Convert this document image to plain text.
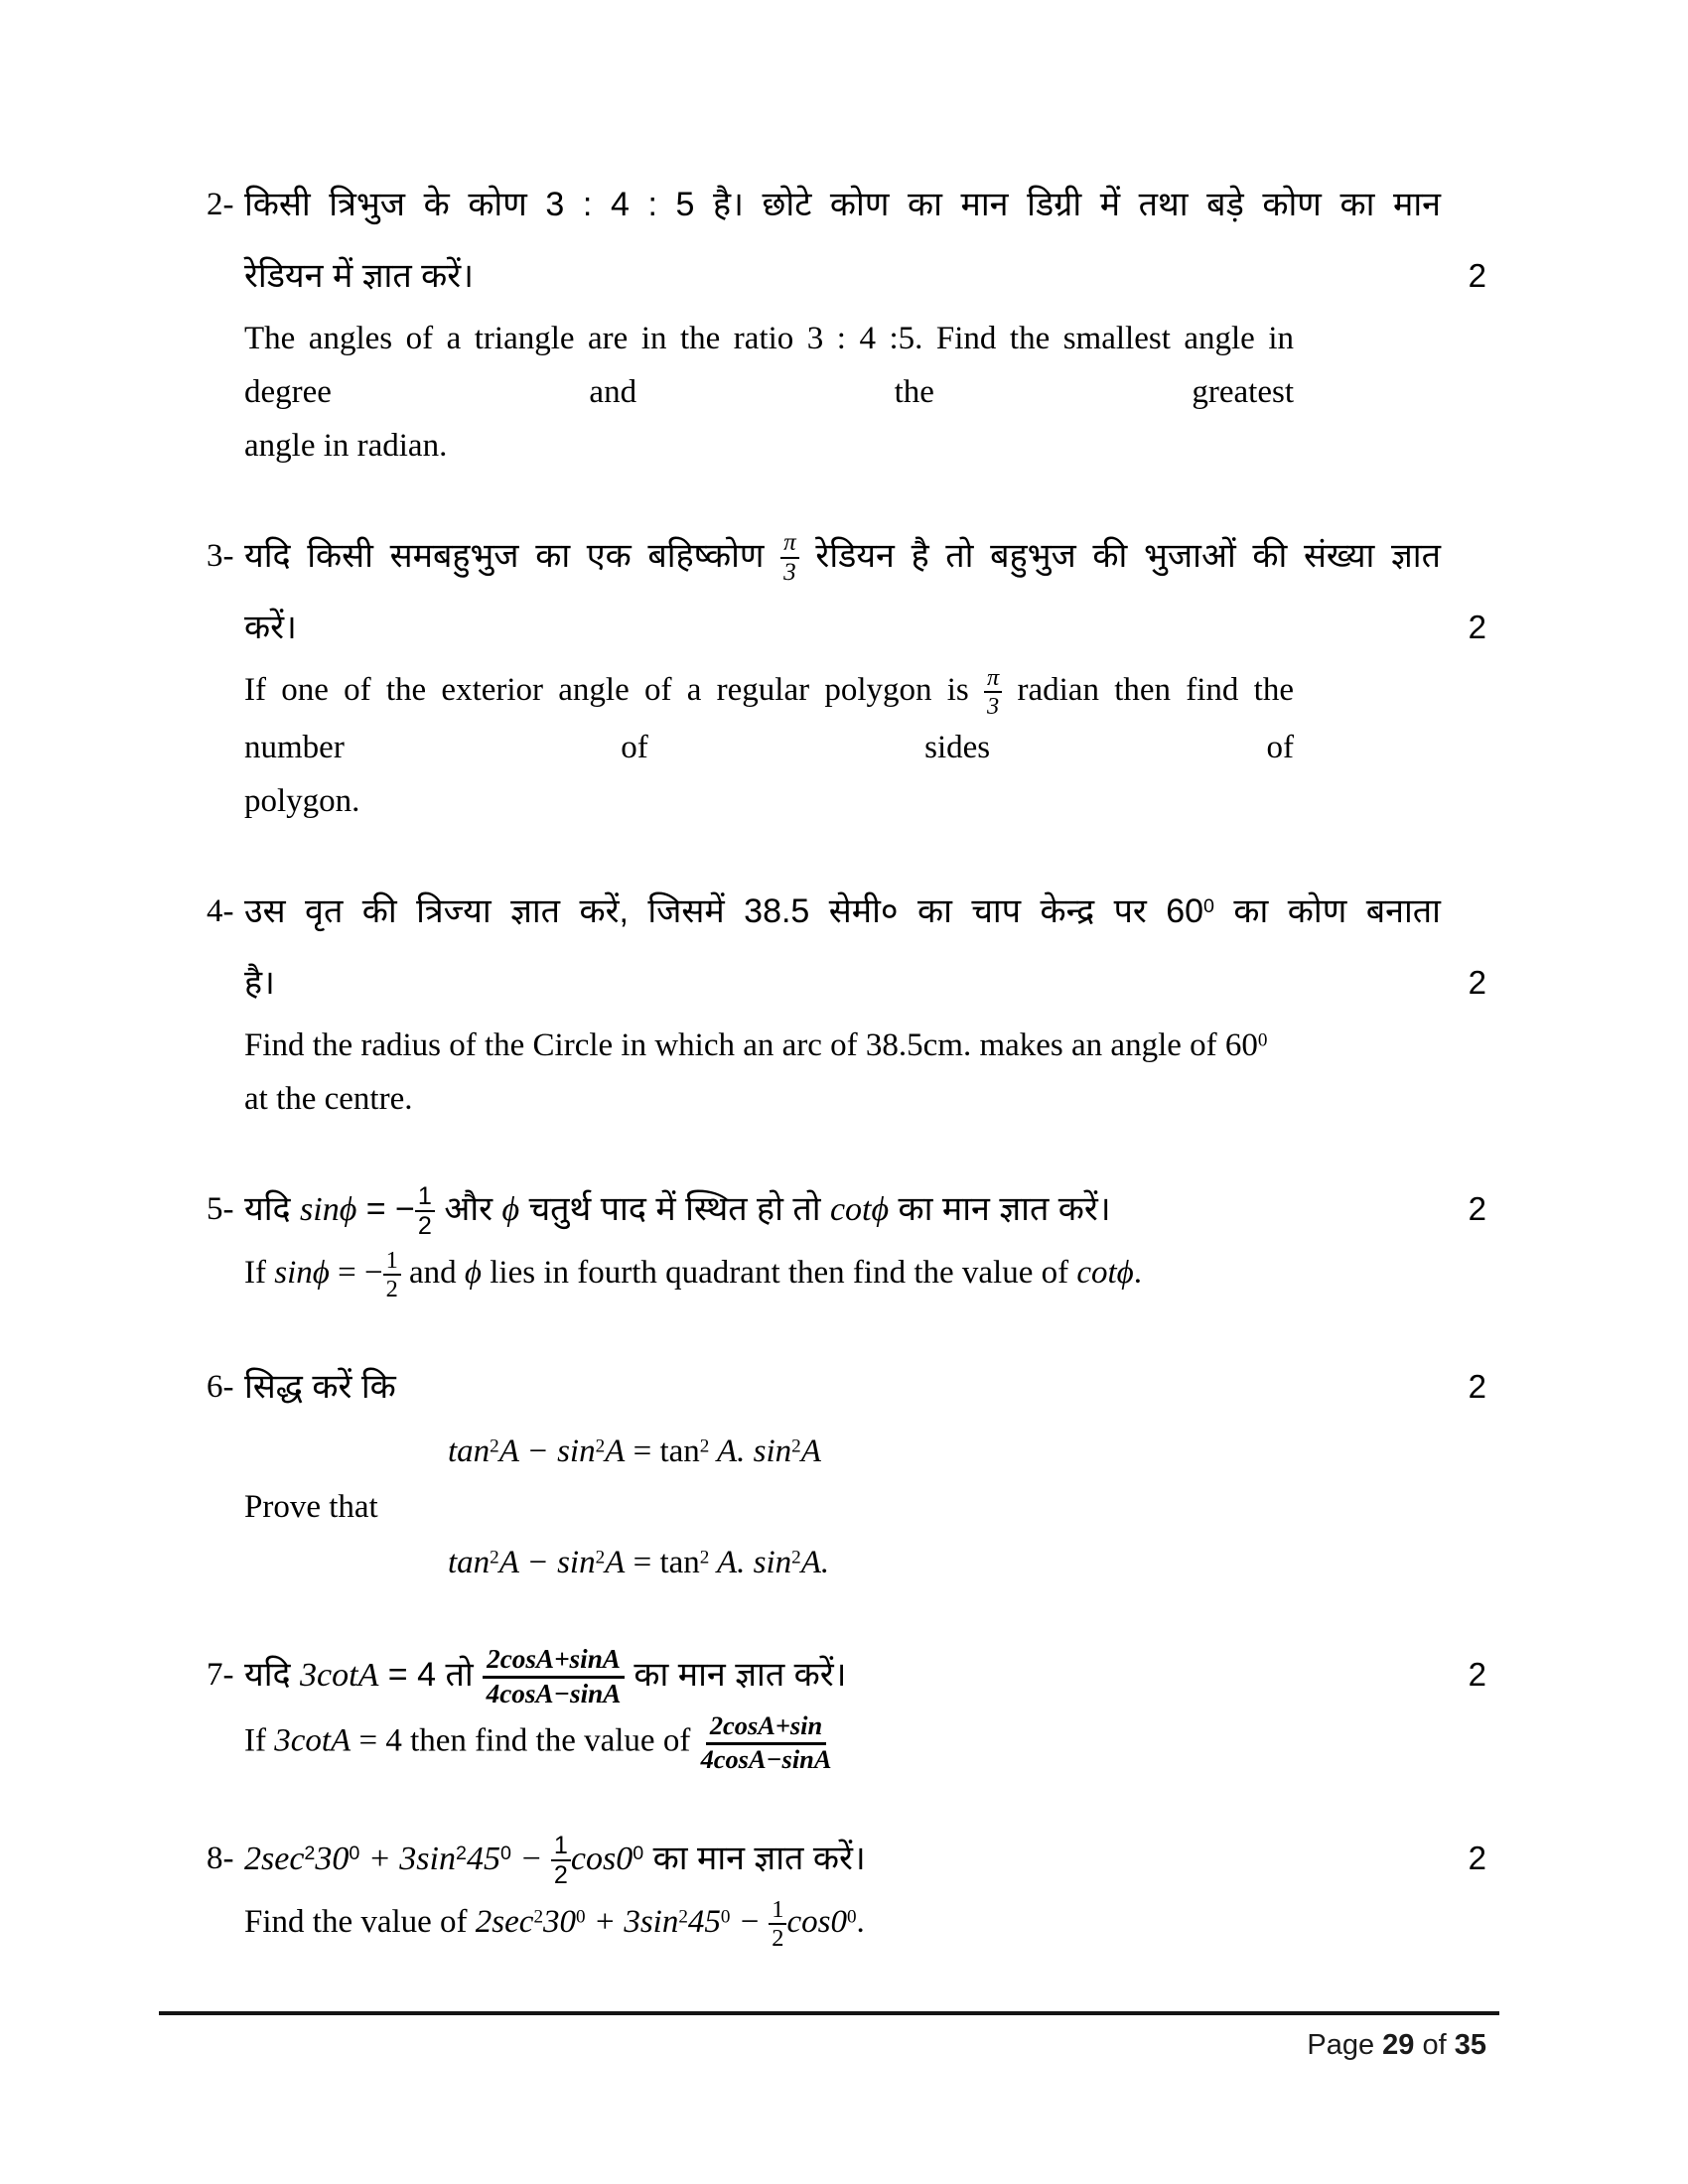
2- किसी त्रिभुज के कोण 3 : 4 : 5 है। छोटे कोण का मान डिग्री में तथा बड़े कोण का मान
रेडियन में ज्ञात करें।	2
The angles of a triangle are in the ratio 3 : 4 :5. Find the smallest angle in degree and the greatest
angle in radian.
3- यदि किसी समबहुभुज का एक बहिष्कोण $\frac{\pi}{3}$ रेडियन है तो बहुभुज की भुजाओं की संख्या ज्ञात
करें।	2
If one of the exterior angle of a regular polygon is $\frac{\pi}{3}$ radian then find the number of sides of
polygon.
4- उस वृत की त्रिज्या ज्ञात करें, जिसमें 38.5 सेमी० का चाप केन्द्र पर $60^0$ का कोण बनाता
है।	2
Find the radius of the Circle in which an arc of 38.5cm. makes an angle of $60^0$ at the centre.
5- यदि sinϕ = − $\frac{1}{2}$ और ϕ चतुर्थ पाद में स्थित हो तो cotϕ का मान ज्ञात करें।	2
If sinϕ = − $\frac{1}{2}$ and ϕ lies in fourth quadrant then find the value of cotϕ.
6- सिद्ध करें कि	2
$\tan^2A - \sin^2A = \tan^2 A$. $\sin^2A$
Prove that
$\tan^2A - \sin^2A = \tan^2 A$. $\sin^2A$.
7- यदि 3cotA = 4 तो $\frac{2\cos A+\sin A}{4\cos A-\sin A}$ का मान ज्ञात करें।	2
If 3cotA = 4 then find the value of $\frac{2\cos A+\sin}{4\cos A-\sin A}$
8- $2\sec^230^0 + 3\sin^245^0 - \frac{1}{2} \cos 0^0$ का मान ज्ञात करें।	2
Find the value of $2\sec^230^0 + 3\sin^245^0 - \frac{1}{2} \cos 0^0$.
Page 29 of 35
